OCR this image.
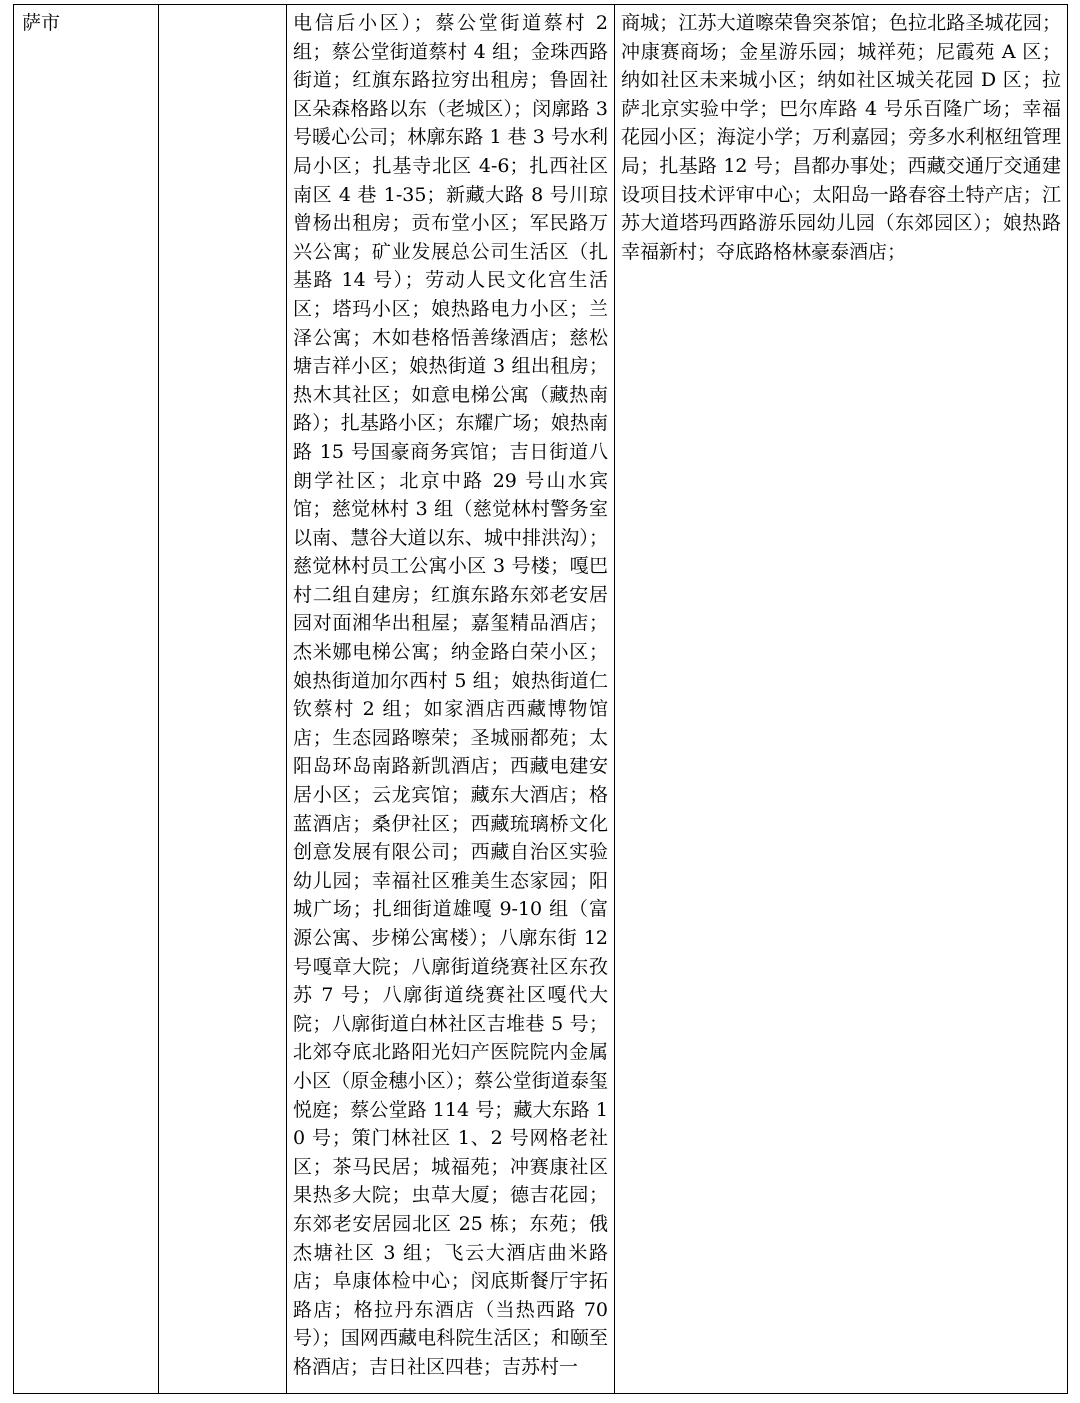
萨市		电信后小区）；蔡公堂街道蔡村 2 组；蔡公堂街道蔡村 4 组；金珠西路街道；红旗东路拉穷出租房；鲁固社区朵森格路以东（老城区）；闵廓路 3 号暖心公司；林廓东路 1 巷 3 号水利局小区；扎基寺北区 4-6；扎西社区南区 4 巷 1-35；新藏大路 8 号川琼曾杨出租房；贡布堂小区；军民路万兴公寓；矿业发展总公司生活区（扎基路 14 号）；劳动人民文化宫生活区；塔玛小区；娘热路电力小区；兰泽公寓；木如巷格悟善缘酒店；慈松塘吉祥小区；娘热街道 3 组出租房；热木其社区；如意电梯公寓（藏热南路）；扎基路小区；东耀广场；娘热南路 15 号国豪商务宾馆；吉日街道八朗学社区；北京中路 29 号山水宾馆；慈觉林村 3 组（慈觉林村警务室以南、慧谷大道以东、城中排洪沟）；慈觉林村员工公寓小区 3 号楼；嘎巴村二组自建房；红旗东路东郊老安居园对面湘华出租屋；嘉玺精品酒店；杰米娜电梯公寓；纳金路白荣小区；娘热街道加尔西村 5 组；娘热街道仁钦蔡村 2 组；如家酒店西藏博物馆店；生态园路嚓荣；圣城丽都苑；太阳岛环岛南路新凯酒店；西藏电建安居小区；云龙宾馆；藏东大酒店；格蓝酒店；桑伊社区；西藏琉璃桥文化创意发展有限公司；西藏自治区实验幼儿园；幸福社区雅美生态家园；阳城广场；扎细街道雄嘎 9-10 组（富源公寓、步梯公寓楼）；八廓东街 12 号嘎章大院；八廓街道绕赛社区东孜苏 7 号；八廓街道绕赛社区嘎代大院；八廓街道白林社区吉堆巷 5 号；北郊夺底北路阳光妇产医院院内金属小区（原金穗小区）；蔡公堂街道泰玺悦庭；蔡公堂路 114 号；藏大东路 10 号；策门林社区 1、2 号网格老社区；茶马民居；城福苑；冲赛康社区果热多大院；虫草大厦；德吉花园；东郊老安居园北区 25 栋；东苑；俄杰塘社区 3 组；飞云大酒店曲米路店；阜康体检中心；闵底斯餐厅宇拓路店；格拉丹东酒店（当热西路 70 号）；国网西藏电科院生活区；和颐至格酒店；吉日社区四巷；吉苏村一	商城；江苏大道嚓荣鲁突茶馆；色拉北路圣城花园；冲康赛商场；金星游乐园；城祥苑；尼霞苑 A 区；纳如社区未来城小区；纳如社区城关花园 D 区；拉萨北京实验中学；巴尔库路 4 号乐百隆广场；幸福花园小区；海淀小学；万利嘉园；旁多水利枢纽管理局；扎基路 12 号；昌都办事处；西藏交通厅交通建设项目技术评审中心；太阳岛一路春容土特产店；江苏大道塔玛西路游乐园幼儿园（东郊园区）；娘热路幸福新村；夺底路格林豪泰酒店；
